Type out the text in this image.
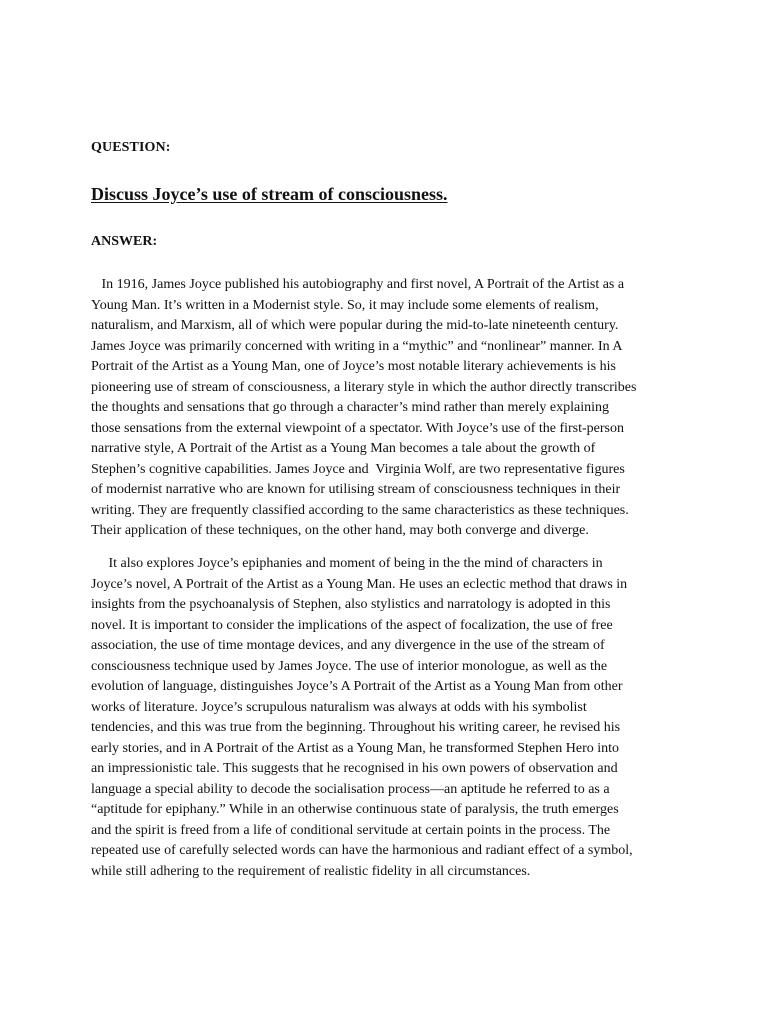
QUESTION:
Discuss Joyce’s use of stream of consciousness.
ANSWER:
In 1916, James Joyce published his autobiography and first novel, A Portrait of the Artist as a
Young Man. It’s written in a Modernist style. So, it may include some elements of realism,
naturalism, and Marxism, all of which were popular during the mid-to-late nineteenth century.
James Joyce was primarily concerned with writing in a “mythic” and “nonlinear” manner. In A
Portrait of the Artist as a Young Man, one of Joyce’s most notable literary achievements is his
pioneering use of stream of consciousness, a literary style in which the author directly transcribes
the thoughts and sensations that go through a character’s mind rather than merely explaining
those sensations from the external viewpoint of a spectator. With Joyce’s use of the first-person
narrative style, A Portrait of the Artist as a Young Man becomes a tale about the growth of
Stephen’s cognitive capabilities. James Joyce and  Virginia Wolf, are two representative figures
of modernist narrative who are known for utilising stream of consciousness techniques in their
writing. They are frequently classified according to the same characteristics as these techniques.
Their application of these techniques, on the other hand, may both converge and diverge.
It also explores Joyce’s epiphanies and moment of being in the the mind of characters in
Joyce’s novel, A Portrait of the Artist as a Young Man. He uses an eclectic method that draws in
insights from the psychoanalysis of Stephen, also stylistics and narratology is adopted in this
novel. It is important to consider the implications of the aspect of focalization, the use of free
association, the use of time montage devices, and any divergence in the use of the stream of
consciousness technique used by James Joyce. The use of interior monologue, as well as the
evolution of language, distinguishes Joyce’s A Portrait of the Artist as a Young Man from other
works of literature. Joyce’s scrupulous naturalism was always at odds with his symbolist
tendencies, and this was true from the beginning. Throughout his writing career, he revised his
early stories, and in A Portrait of the Artist as a Young Man, he transformed Stephen Hero into
an impressionistic tale. This suggests that he recognised in his own powers of observation and
language a special ability to decode the socialisation process—an aptitude he referred to as a
“aptitude for epiphany.” While in an otherwise continuous state of paralysis, the truth emerges
and the spirit is freed from a life of conditional servitude at certain points in the process. The
repeated use of carefully selected words can have the harmonious and radiant effect of a symbol,
while still adhering to the requirement of realistic fidelity in all circumstances.
